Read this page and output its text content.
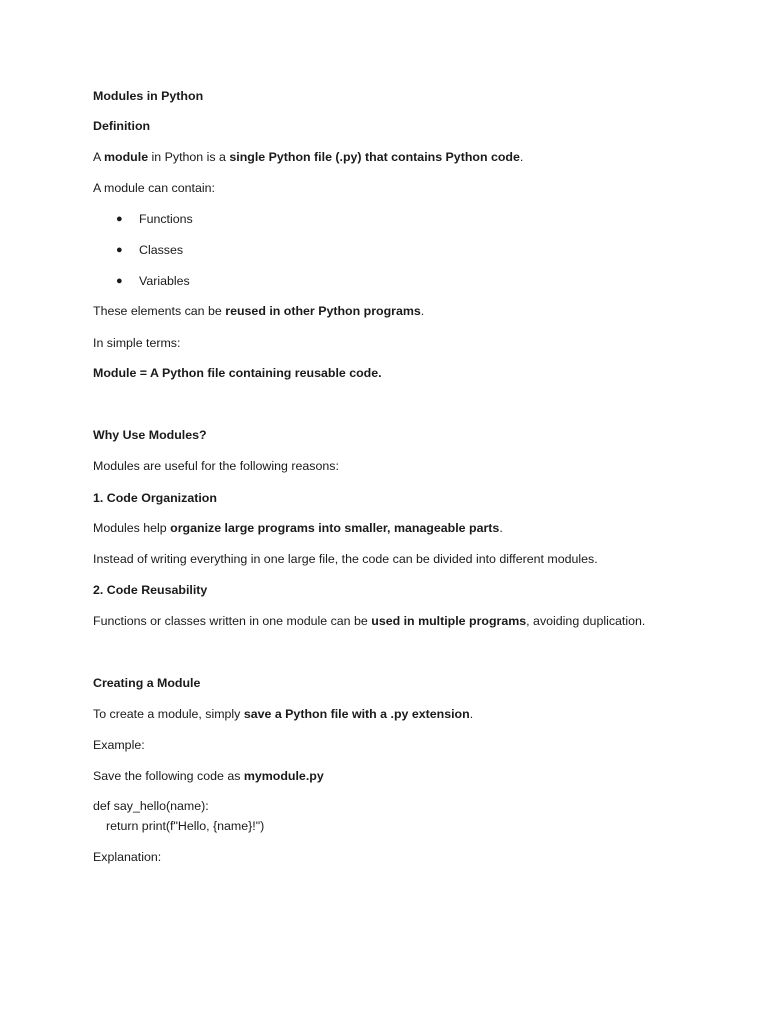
Modules in Python
Definition
A module in Python is a single Python file (.py) that contains Python code.
A module can contain:
● Functions
● Classes
● Variables
These elements can be reused in other Python programs.
In simple terms:
Module = A Python file containing reusable code.
Why Use Modules?
Modules are useful for the following reasons:
1. Code Organization
Modules help organize large programs into smaller, manageable parts.
Instead of writing everything in one large file, the code can be divided into different modules.
2. Code Reusability
Functions or classes written in one module can be used in multiple programs, avoiding duplication.
Creating a Module
To create a module, simply save a Python file with a .py extension.
Example:
Save the following code as mymodule.py
def say_hello(name):
return print(f"Hello, {name}!")
Explanation:
